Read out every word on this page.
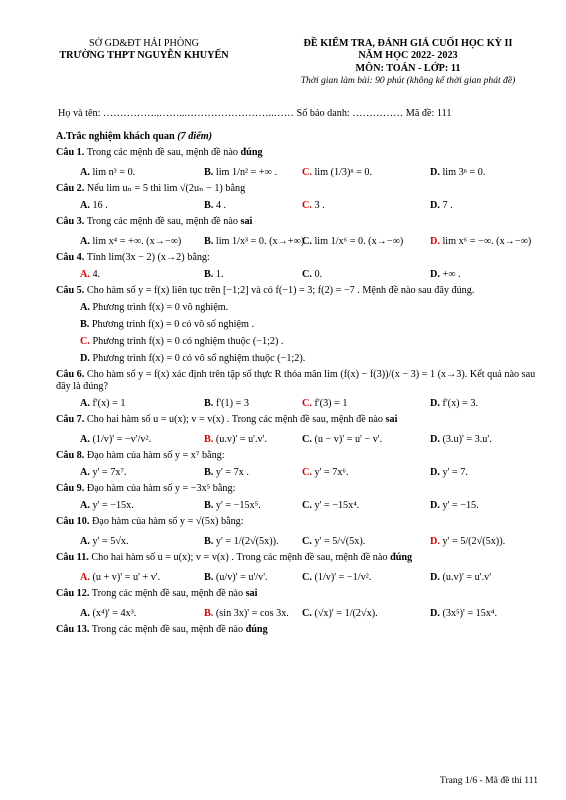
SỞ GD&ĐT HẢI PHÒNG
TRƯỜNG THPT NGUYỄN KHUYẾN
ĐỀ KIỂM TRA, ĐÁNH GIÁ CUỐI HỌC KỲ II
NĂM HỌC 2022- 2023
MÔN: TOÁN - LỚP: 11
Thời gian làm bài: 90 phút (không kể thời gian phát đề)
Họ và tên: ……………..……...……………………..…… Số báo danh: …………… Mã đề: 111
A.Trắc nghiệm khách quan (7 điểm)
Câu 1. Trong các mệnh đề sau, mệnh đề nào đúng
A. lim n³ = 0.	B. lim 1/n² = +∞ .	C. lim (1/3)ⁿ = 0.	D. lim 3ⁿ = 0.
Câu 2. Nếu lim uₙ = 5 thì lim √(2uₙ − 1) bằng
A. 16 .	B. 4 .	C. 3 .	D. 7 .
Câu 3. Trong các mệnh đề sau, mệnh đề nào sai
A. lim x⁴ = +∞. (x→−∞)	B. lim 1/x³ = 0. (x→+∞)
C. lim 1/x⁶ = 0. (x→−∞)	D. lim x⁶ = −∞. (x→−∞)
Câu 4. Tính lim(3x − 2) (x→2) bằng:
A. 4.	B. 1.	C. 0.	D. +∞ .
Câu 5. Cho hàm số y = f(x) liên tục trên [−1;2] và có f(−1) = 3; f(2) = −7 . Mệnh đề nào sau đây đúng.
A. Phương trình f(x) = 0 vô nghiệm.
B. Phương trình f(x) = 0 có vô số nghiệm .
C. Phương trình f(x) = 0 có nghiệm thuộc (−1;2) .
D. Phương trình f(x) = 0 có vô số nghiệm thuộc (−1;2).
Câu 6. Cho hàm số y = f(x) xác định trên tập số thực R thỏa mãn lim (f(x) − f(3))/(x − 3) = 1 (x→3). Kết quả nào sau đây là đúng?
A. f'(x) = 1	B. f'(1) = 3	C. f'(3) = 1	D. f'(x) = 3.
Câu 7. Cho hai hàm số u = u(x); v = v(x) . Trong các mệnh đề sau, mệnh đề nào sai
A. (1/v)' = −v'/v².	B. (u.v)' = u'.v'.	C. (u − v)' = u' − v'.	D. (3.u)' = 3.u'.
Câu 8. Đạo hàm của hàm số y = x⁷ bằng:
A. y' = 7x⁷.	B. y' = 7x .	C. y' = 7x⁶.	D. y' = 7.
Câu 9. Đạo hàm của hàm số y = −3x⁵ bằng:
A. y' = −15x.	B. y' = −15x⁵.	C. y' = −15x⁴.	D. y' = −15.
Câu 10. Đạo hàm của hàm số y = √(5x) bằng:
A. y' = 5√x.	B. y' = 1/(2√(5x)).	C. y' = 5/√(5x).	D. y' = 5/(2√(5x)).
Câu 11. Cho hai hàm số u = u(x); v = v(x) . Trong các mệnh đề sau, mệnh đề nào đúng
A. (u + v)' = u' + v'.	B. (u/v)' = u'/v'.	C. (1/v)' = −1/v².	D. (u.v)' = u'.v'
Câu 12. Trong các mệnh đề sau, mệnh đề nào sai
A. (x⁴)' = 4x³.	B. (sin 3x)' = cos 3x.	C. (√x)' = 1/(2√x).	D. (3x⁵)' = 15x⁴.
Câu 13. Trong các mệnh đề sau, mệnh đề nào đúng
Trang 1/6 - Mã đề thi 111
